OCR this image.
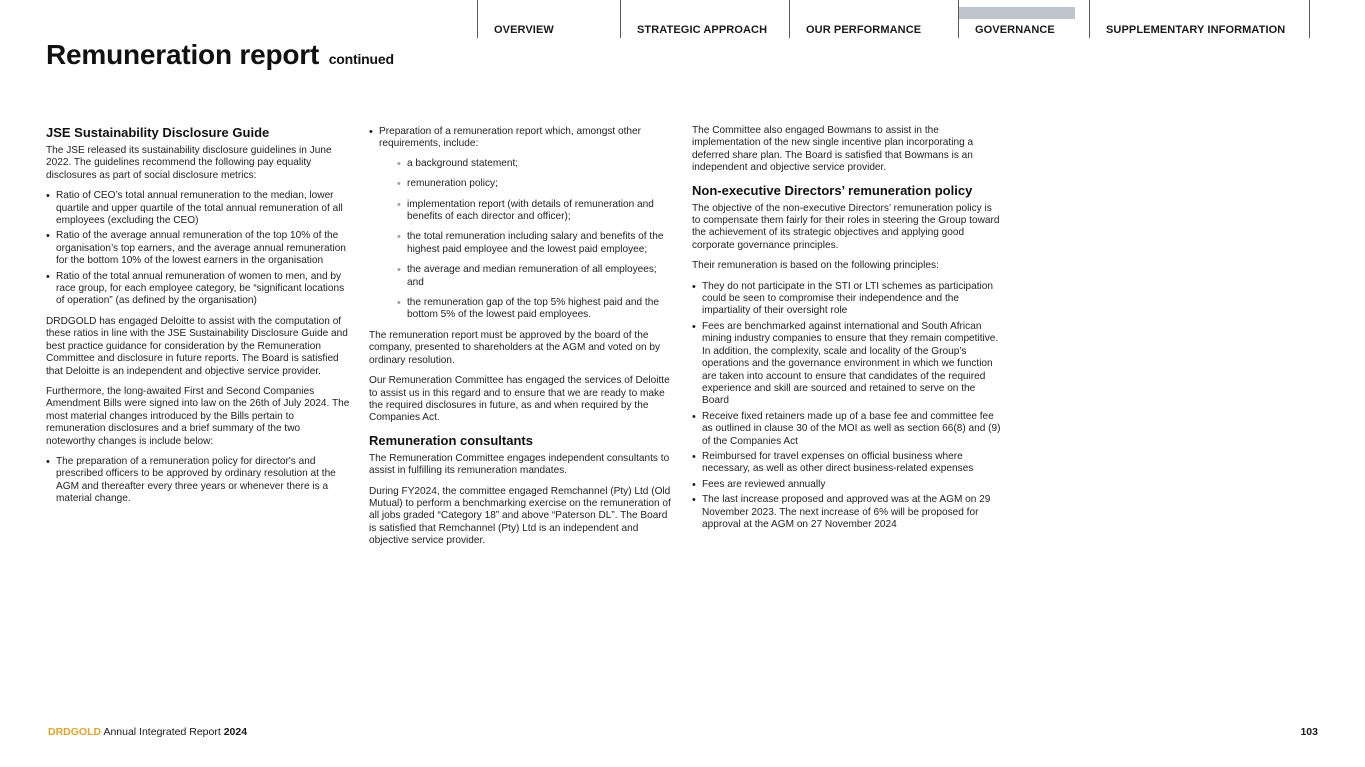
OVERVIEW	STRATEGIC APPROACH	OUR PERFORMANCE	GOVERNANCE	SUPPLEMENTARY INFORMATION
Remuneration report continued
JSE Sustainability Disclosure Guide

The JSE released its sustainability disclosure guidelines in June 2022. The guidelines recommend the following pay equality disclosures as part of social disclosure metrics:

• Ratio of CEO’s total annual remuneration to the median, lower quartile and upper quartile of the total annual remuneration of all employees (excluding the CEO)
• Ratio of the average annual remuneration of the top 10% of the organisation’s top earners, and the average annual remuneration for the bottom 10% of the lowest earners in the organisation
• Ratio of the total annual remuneration of women to men, and by race group, for each employee category, be “significant locations of operation” (as defined by the organisation)

DRDGOLD has engaged Deloitte to assist with the computation of these ratios in line with the JSE Sustainability Disclosure Guide and best practice guidance for consideration by the Remuneration Committee and disclosure in future reports. The Board is satisfied that Deloitte is an independent and objective service provider.

Furthermore, the long-awaited First and Second Companies Amendment Bills were signed into law on the 26th of July 2024. The most material changes introduced by the Bills pertain to remuneration disclosures and a brief summary of the two noteworthy changes is include below:

• The preparation of a remuneration policy for director's and prescribed officers to be approved by ordinary resolution at the AGM and thereafter every three years or whenever there is a material change.
• Preparation of a remuneration report which, amongst other requirements, include:
• a background statement;
• remuneration policy;
• implementation report (with details of remuneration and benefits of each director and officer);
• the total remuneration including salary and benefits of the highest paid employee and the lowest paid employee;
• the average and median remuneration of all employees; and
• the remuneration gap of the top 5% highest paid and the bottom 5% of the lowest paid employees.

The remuneration report must be approved by the board of the company, presented to shareholders at the AGM and voted on by ordinary resolution.

Our Remuneration Committee has engaged the services of Deloitte to assist us in this regard and to ensure that we are ready to make the required disclosures in future, as and when required by the Companies Act.

Remuneration consultants

The Remuneration Committee engages independent consultants to assist in fulfilling its remuneration mandates.

During FY2024, the committee engaged Remchannel (Pty) Ltd (Old Mutual) to perform a benchmarking exercise on the remuneration of all jobs graded “Category 18” and above “Paterson DL”. The Board is satisfied that Remchannel (Pty) Ltd is an independent and objective service provider.

The Committee also engaged Bowmans to assist in the implementation of the new single incentive plan incorporating a deferred share plan. The Board is satisfied that Bowmans is an independent and objective service provider.

Non-executive Directors’ remuneration policy

The objective of the non-executive Directors’ remuneration policy is to compensate them fairly for their roles in steering the Group toward the achievement of its strategic objectives and applying good corporate governance principles.

Their remuneration is based on the following principles:

• They do not participate in the STI or LTI schemes as participation could be seen to compromise their independence and the impartiality of their oversight role
• Fees are benchmarked against international and South African mining industry companies to ensure that they remain competitive. In addition, the complexity, scale and locality of the Group’s operations and the governance environment in which we function are taken into account to ensure that candidates of the required experience and skill are sourced and retained to serve on the Board
• Receive fixed retainers made up of a base fee and committee fee as outlined in clause 30 of the MOI as well as section 66(8) and (9) of the Companies Act
• Reimbursed for travel expenses on official business where necessary, as well as other direct business-related expenses
• Fees are reviewed annually
• The last increase proposed and approved was at the AGM on 29 November 2023. The next increase of 6% will be proposed for approval at the AGM on 27 November 2024
DRDGOLD Annual Integrated Report 2024	103
